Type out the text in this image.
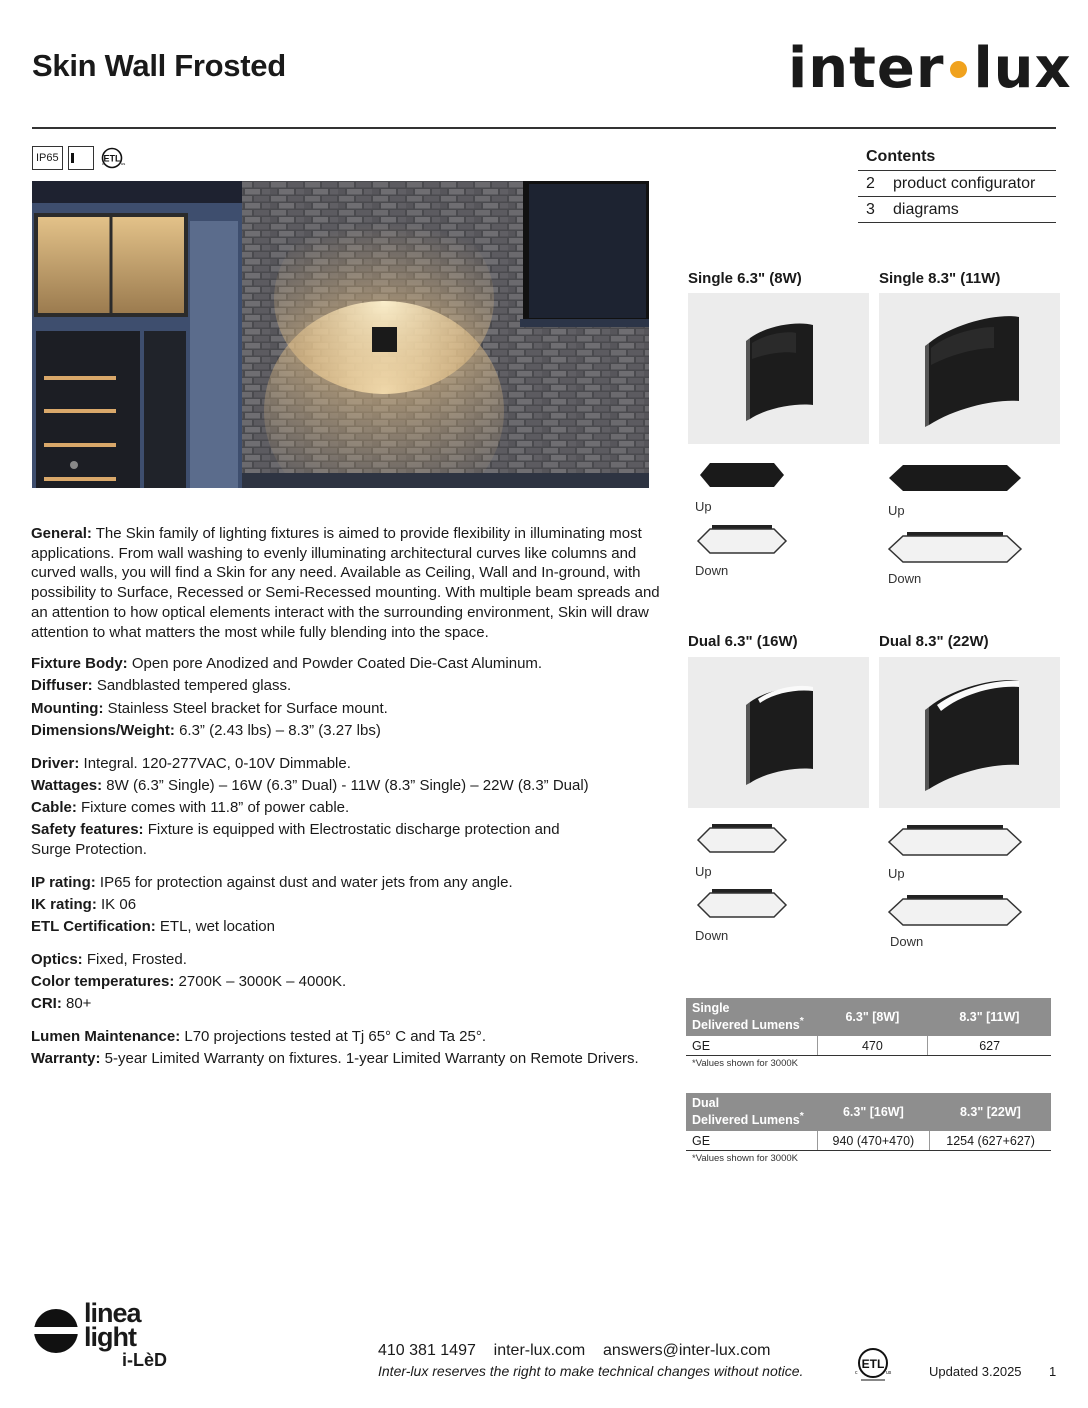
Skin Wall Frosted	inter lux
IP65	ETL
c	us	Contents
2	product configurator
3	diagrams
Single 6.3" (8W)
Up
Down
Single 8.3" (11W)
Up
Down
Dual 6.3" (16W)
Up
Down
Dual 8.3" (22W)
Up
Down

General: The Skin family of lighting fixtures is aimed to provide flexibility in illuminating most applications. From wall washing to evenly illuminating architectural curves like columns and curved walls, you will find a Skin for any need. Available as Ceiling, Wall and In-ground, with possibility to Surface, Recessed or Semi-Recessed mounting. With multiple beam spreads and an attention to how optical elements interact with the surrounding environment, Skin will draw attention to what matters the most while fully blending into the space.

Fixture Body: Open pore Anodized and Powder Coated Die-Cast Aluminum.
Diffuser: Sandblasted tempered glass.
Mounting: Stainless Steel bracket for Surface mount.
Dimensions/Weight: 6.3” (2.43 lbs) – 8.3” (3.27 lbs)
Driver: Integral. 120-277VAC, 0-10V Dimmable.
Wattages: 8W (6.3” Single) – 16W (6.3” Dual) - 11W (8.3” Single) – 22W (8.3” Dual)
Cable: Fixture comes with 11.8” of power cable.
Safety features: Fixture is equipped with Electrostatic discharge protection and Surge Protection.
IP rating: IP65 for protection against dust and water jets from any angle.
IK rating: IK 06
ETL Certification: ETL, wet location
Optics: Fixed, Frosted.
Color temperatures: 2700K – 3000K – 4000K.
CRI: 80+
Lumen Maintenance: L70 projections tested at Tj 65° C and Ta 25°.
Warranty: 5-year Limited Warranty on fixtures. 1-year Limited Warranty on Remote Drivers.
Single
Delivered Lumens*	6.3" [8W]	8.3" [11W]
GE	470	627
*Values shown for 3000K
Dual
Delivered Lumens*	6.3" [16W]	8.3" [22W]
GE	940 (470+470)	1254 (627+627)
*Values shown for 3000K
linea
light
i-LèD	410 381 1497 inter-lux.com answers@inter-lux.com
Inter-lux reserves the right to make technical changes without notice.	ETL
c	us	Updated 3.2025 1
